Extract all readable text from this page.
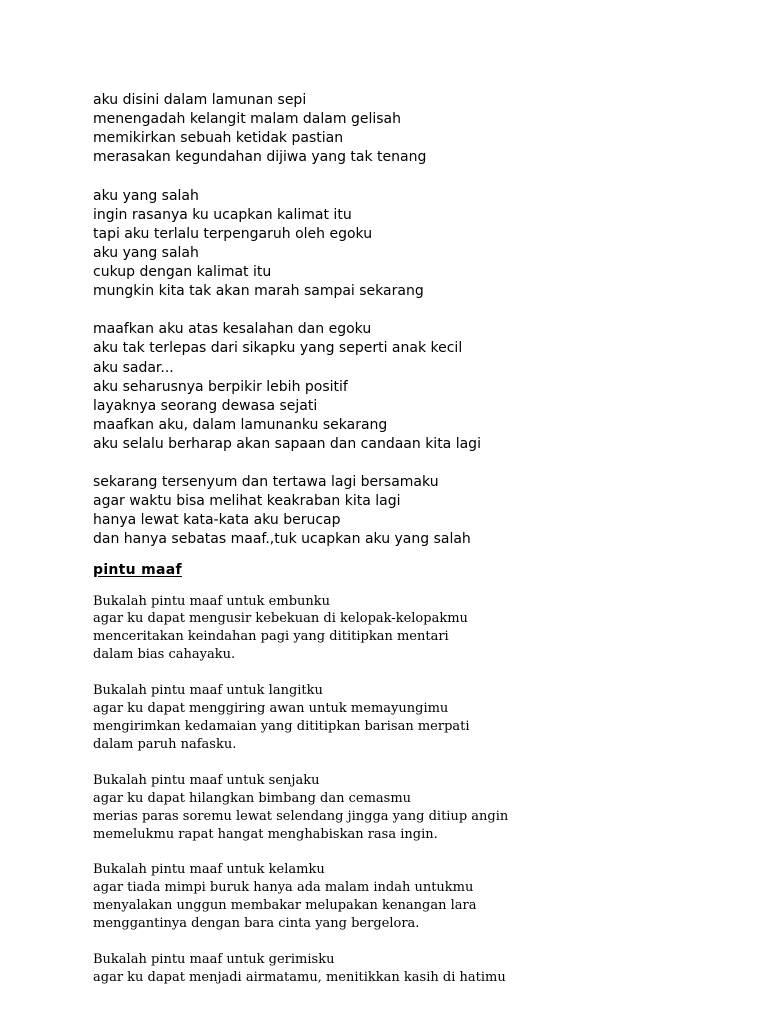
aku disini dalam lamunan sepi
menengadah kelangit malam dalam gelisah
memikirkan sebuah ketidak pastian
merasakan kegundahan dijiwa yang tak tenang
aku yang salah
ingin rasanya ku ucapkan kalimat itu
tapi aku terlalu terpengaruh oleh egoku
aku yang salah
cukup dengan kalimat itu
mungkin kita tak akan marah sampai sekarang
maafkan aku atas kesalahan dan egoku
aku tak terlepas dari sikapku yang seperti anak kecil
aku sadar...
aku seharusnya berpikir lebih positif
layaknya seorang dewasa sejati
maafkan aku, dalam lamunanku sekarang
aku selalu berharap akan sapaan dan candaan kita lagi
sekarang tersenyum dan tertawa lagi bersamaku
agar waktu bisa melihat keakraban kita lagi
hanya lewat kata-kata aku berucap
dan hanya sebatas maaf.,tuk ucapkan aku yang salah
pintu maaf
Bukalah pintu maaf untuk embunku
agar ku dapat mengusir kebekuan di kelopak-kelopakmu
menceritakan keindahan pagi yang dititipkan mentari
dalam bias cahayaku.
Bukalah pintu maaf untuk langitku
agar ku dapat menggiring awan untuk memayungimu
mengirimkan kedamaian yang dititipkan barisan merpati
dalam paruh nafasku.
Bukalah pintu maaf untuk senjaku
agar ku dapat hilangkan bimbang dan cemasmu
merias paras soremu lewat selendang jingga yang ditiup angin
memelukmu rapat hangat menghabiskan rasa ingin.
Bukalah pintu maaf untuk kelamku
agar tiada mimpi buruk hanya ada malam indah untukmu
menyalakan unggun membakar melupakan kenangan lara
menggantinya dengan bara cinta yang bergelora.
Bukalah pintu maaf untuk gerimisku
agar ku dapat menjadi airmatamu, menitikkan kasih di hatimu
